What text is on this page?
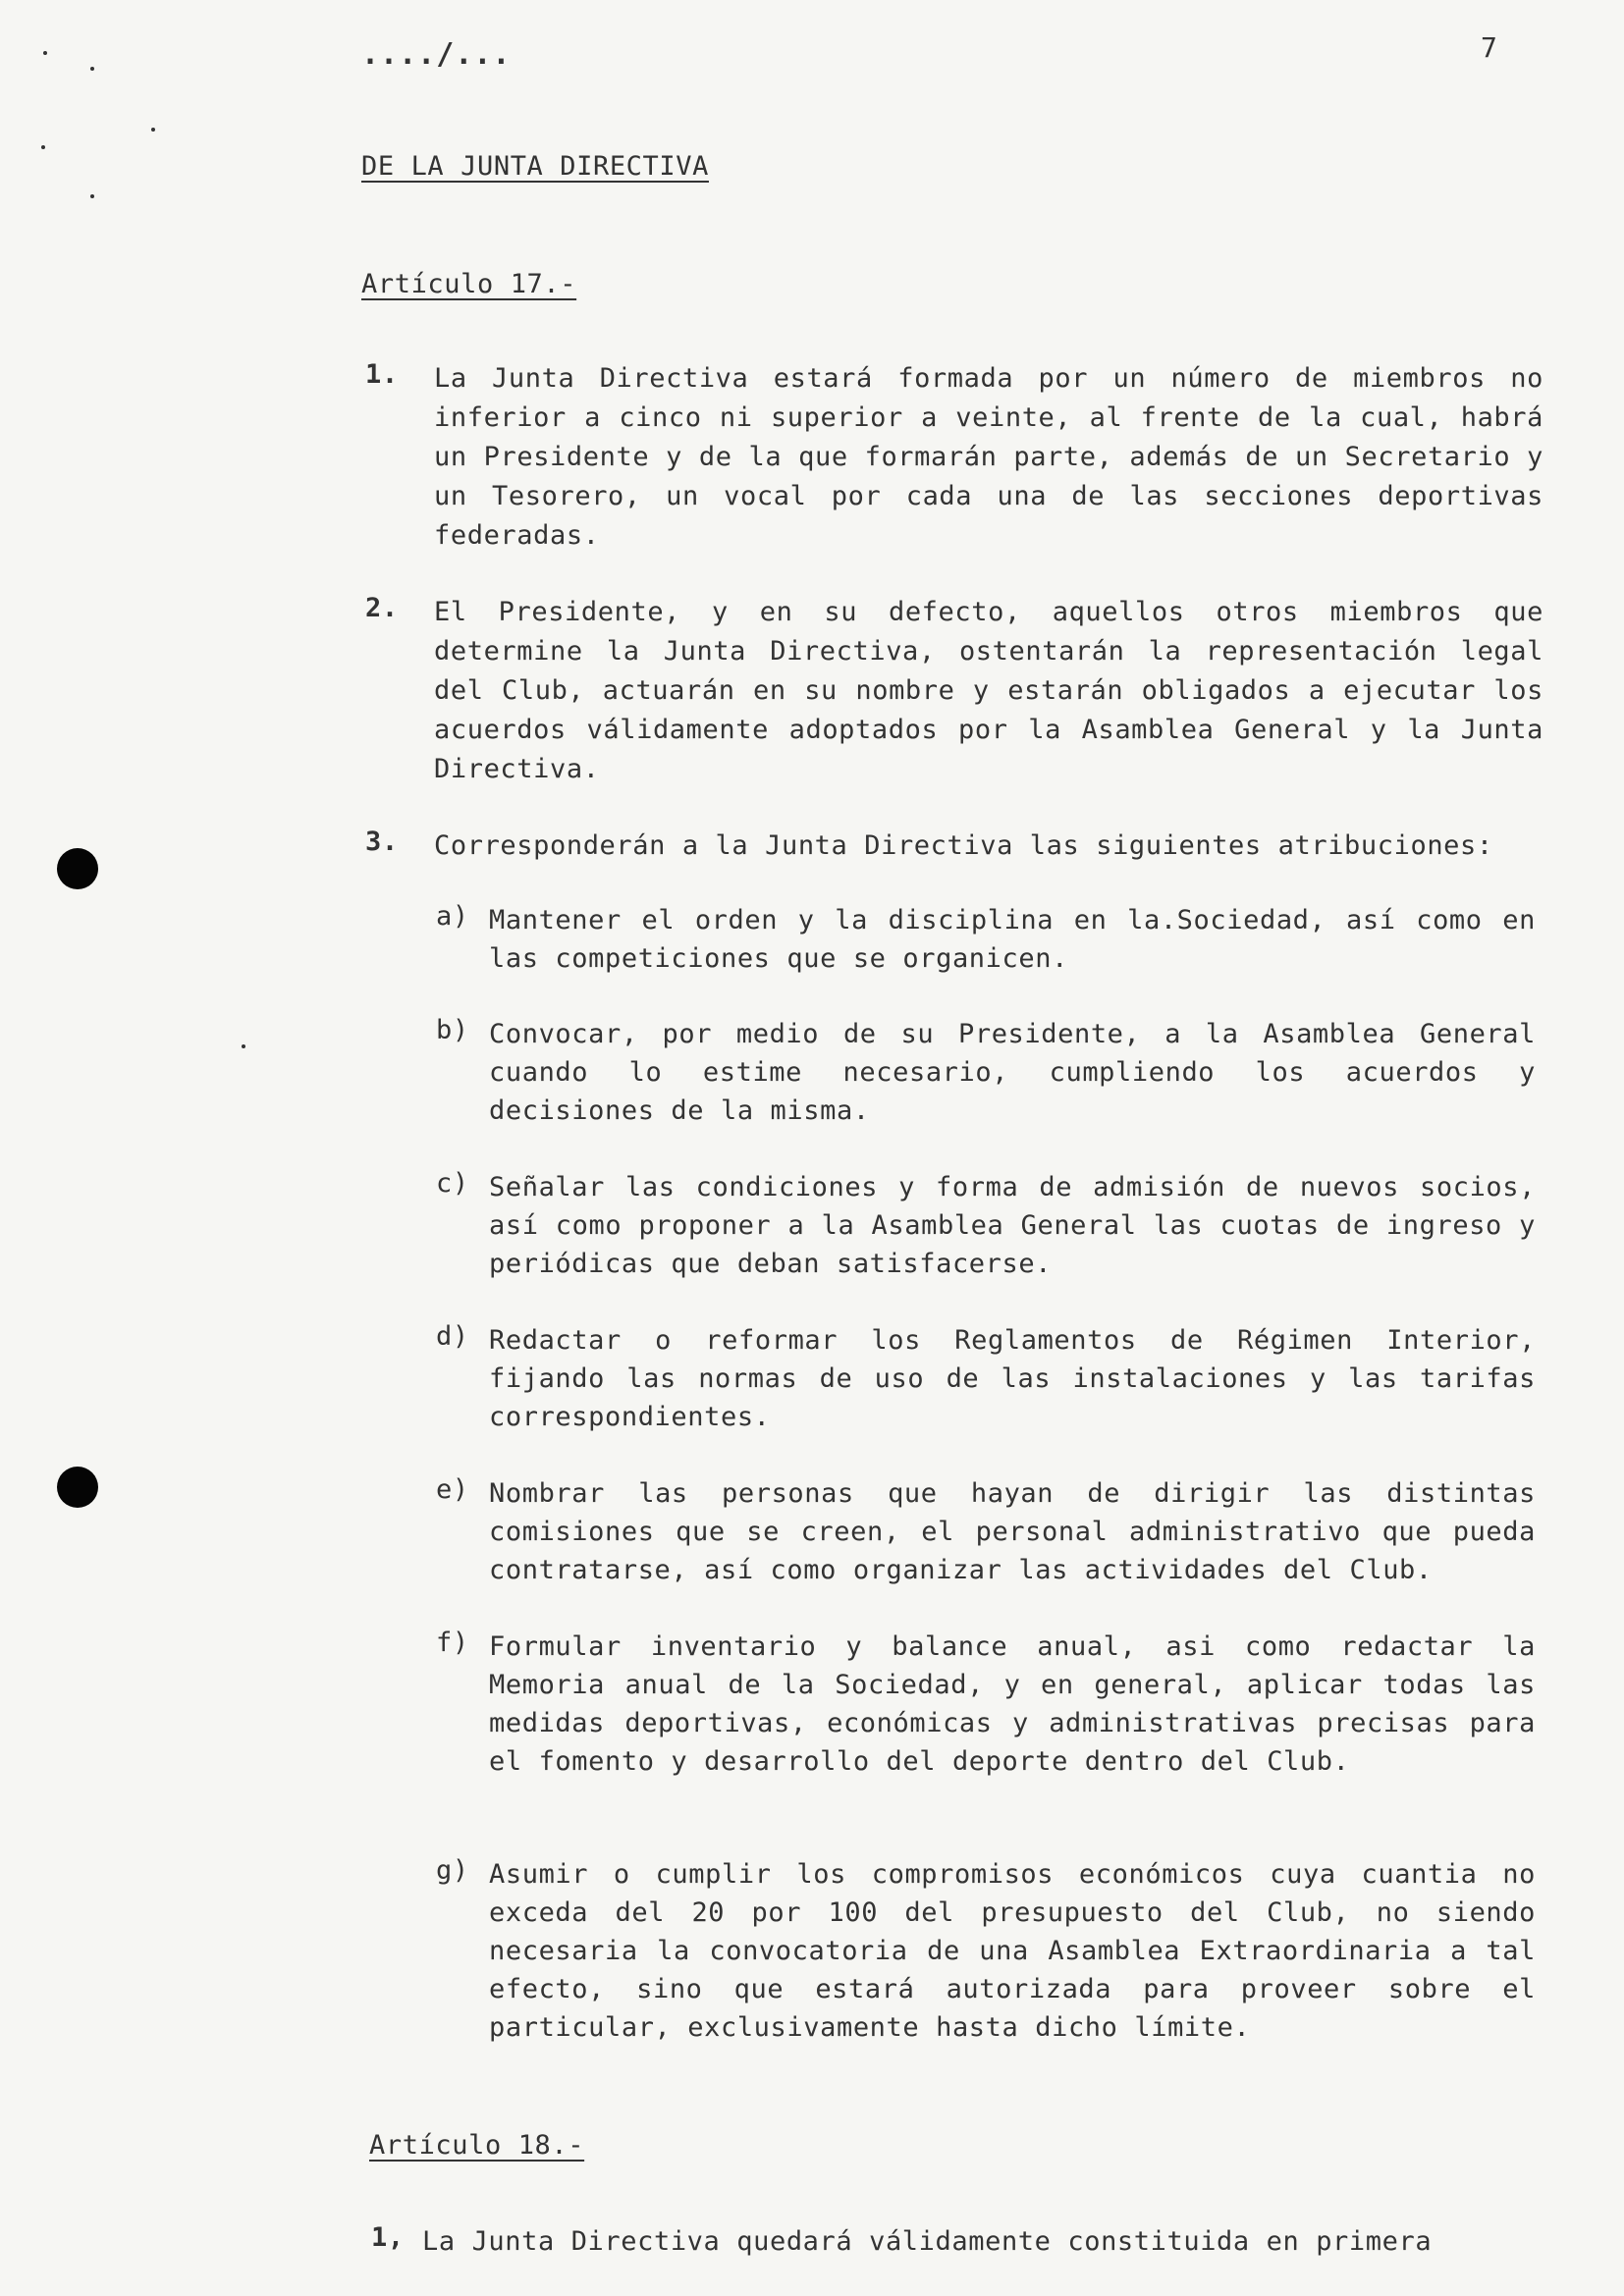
..../...	7
DE LA JUNTA DIRECTIVA
Artículo 17.-
1. La Junta Directiva estará formada por un número de miembros no inferior a cinco ni superior a veinte, al frente de la cual, habrá un Presidente y de la que formarán parte, además de un Secretario y un Tesorero, un vocal por cada una de las secciones deportivas federadas.
2. El Presidente, y en su defecto, aquellos otros miembros que determine la Junta Directiva, ostentarán la representación legal del Club, actuarán en su nombre y estarán obligados a ejecutar los acuerdos válidamente adoptados por la Asamblea General y la Junta Directiva.
3. Corresponderán a la Junta Directiva las siguientes atribuciones:
a) Mantener el orden y la disciplina en la.Sociedad, así como en las competiciones que se organicen.
b) Convocar, por medio de su Presidente, a la Asamblea General cuando lo estime necesario, cumpliendo los acuerdos y decisiones de la misma.
c) Señalar las condiciones y forma de admisión de nuevos socios, así como proponer a la Asamblea General las cuotas de ingreso y periódicas que deban satisfacerse.
d) Redactar o reformar los Reglamentos de Régimen Interior, fijando las normas de uso de las instalaciones y las tarifas correspondientes.
e) Nombrar las personas que hayan de dirigir las distintas comisiones que se creen, el personal administrativo que pueda contratarse, así como organizar las actividades del Club.
f) Formular inventario y balance anual, asi como redactar la Memoria anual de la Sociedad, y en general, aplicar todas las medidas deportivas, económicas y administrativas precisas para el fomento y desarrollo del deporte dentro del Club.
g) Asumir o cumplir los compromisos económicos cuya cuantia no exceda del 20 por 100 del presupuesto del Club, no siendo necesaria la convocatoria de una Asamblea Extraordinaria a tal efecto, sino que estará autorizada para proveer sobre el particular, exclusivamente hasta dicho límite.
Artículo 18.-
1, La Junta Directiva quedará válidamente constituida en primera
